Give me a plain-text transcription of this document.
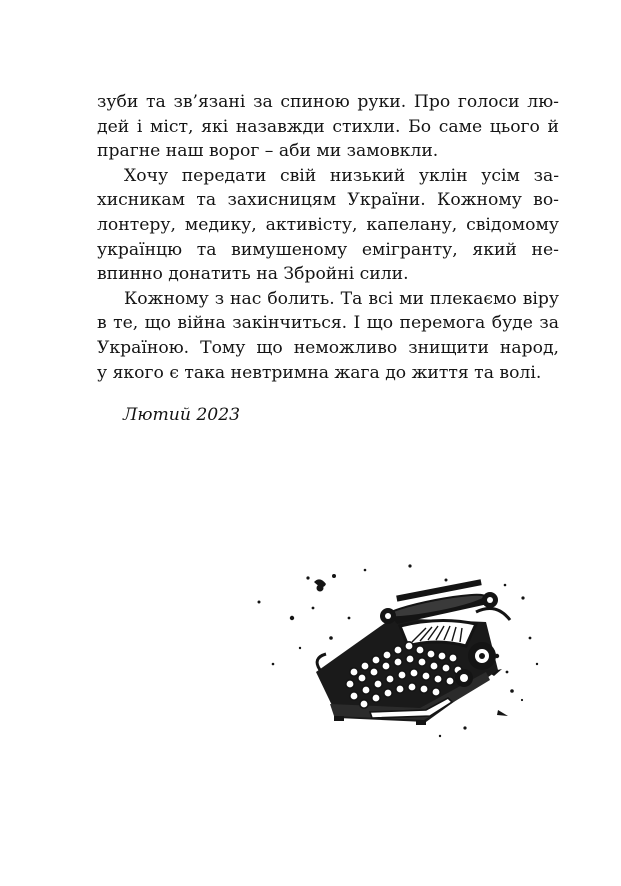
зуби та зв’язані за спиною руки. Про голоси лю-
дей і міст, які назавжди стихли. Бо саме цього й
прагне наш ворог – аби ми замовкли.
Хочу передати свій низький уклін усім за-
хисникам та захисницям України. Кожному во-
лонтеру, медику, активісту, капелану, свідомому
українцю та вимушеному емігранту, який не-
впинно донатить на Збройні сили.
Кожному з нас болить. Та всі ми плекаємо віру
в те, що війна закінчиться. І що перемога буде за
Україною. Тому що неможливо знищити народ,
у якого є така невтримна жага до життя та волі.
Лютий 2023
